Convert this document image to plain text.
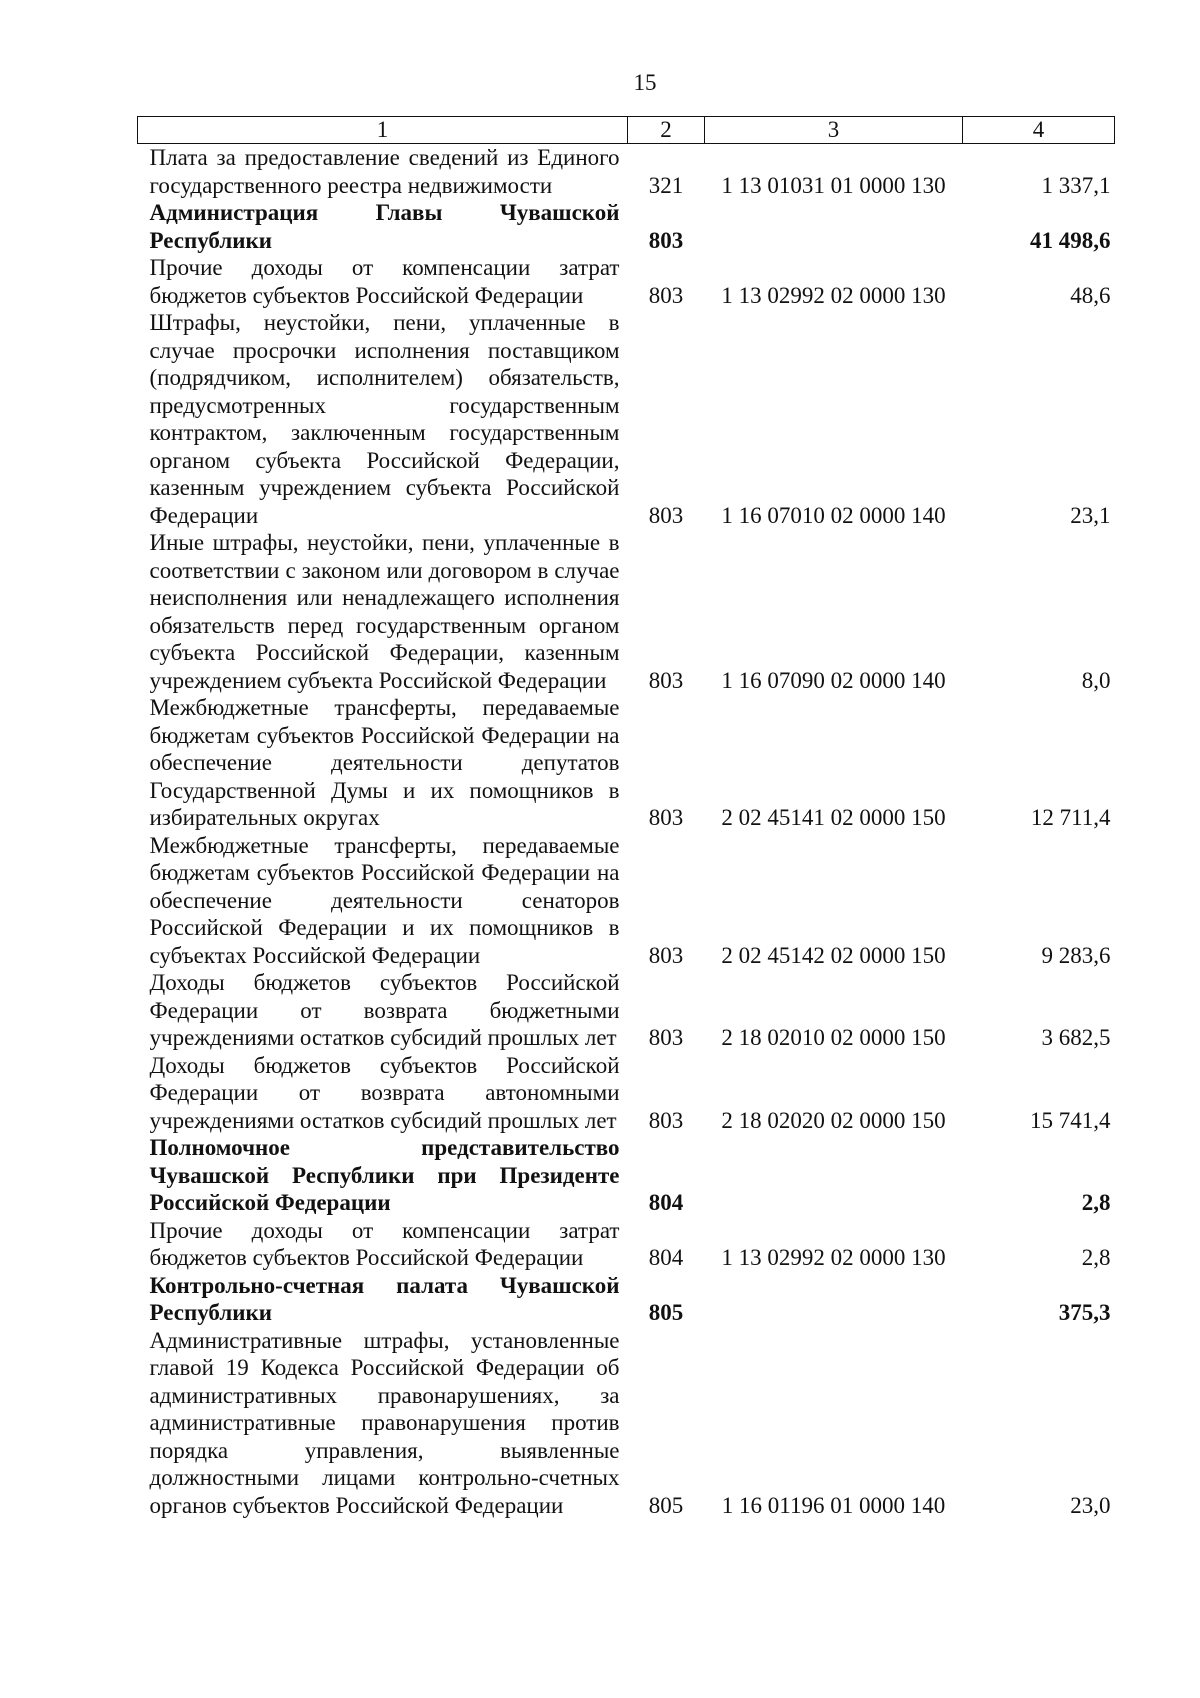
15
1	2	3	4
Плата за предоставление сведений из Единого государственного реестра недвижимости	321	1 13 01031 01 0000 130	1 337,1
Администрация Главы Чувашской Республики	803		41 498,6
Прочие доходы от компенсации затрат бюджетов субъектов Российской Федерации	803	1 13 02992 02 0000 130	48,6
Штрафы, неустойки, пени, уплаченные в случае просрочки исполнения поставщиком (подрядчиком, исполнителем) обязательств, предусмотренных государственным контрактом, заключенным государственным органом субъекта Российской Федерации, казенным учреждением субъекта Российской Федерации	803	1 16 07010 02 0000 140	23,1
Иные штрафы, неустойки, пени, уплаченные в соответствии с законом или договором в случае неисполнения или ненадлежащего исполнения обязательств перед государственным органом субъекта Российской Федерации, казенным учреждением субъекта Российской Федерации	803	1 16 07090 02 0000 140	8,0
Межбюджетные трансферты, передаваемые бюджетам субъектов Российской Федерации на обеспечение деятельности депутатов Государственной Думы и их помощников в избирательных округах	803	2 02 45141 02 0000 150	12 711,4
Межбюджетные трансферты, передаваемые бюджетам субъектов Российской Федерации на обеспечение деятельности сенаторов Российской Федерации и их помощников в субъектах Российской Федерации	803	2 02 45142 02 0000 150	9 283,6
Доходы бюджетов субъектов Российской Федерации от возврата бюджетными учреждениями остатков субсидий прошлых лет	803	2 18 02010 02 0000 150	3 682,5
Доходы бюджетов субъектов Российской Федерации от возврата автономными учреждениями остатков субсидий прошлых лет	803	2 18 02020 02 0000 150	15 741,4
Полномочное представительство Чувашской Республики при Президенте Российской Федерации	804		2,8
Прочие доходы от компенсации затрат бюджетов субъектов Российской Федерации	804	1 13 02992 02 0000 130	2,8
Контрольно-счетная палата Чувашской Республики	805		375,3
Административные штрафы, установленные главой 19 Кодекса Российской Федерации об административных правонарушениях, за административные правонарушения против порядка управления, выявленные должностными лицами контрольно-счетных органов субъектов Российской Федерации	805	1 16 01196 01 0000 140	23,0
